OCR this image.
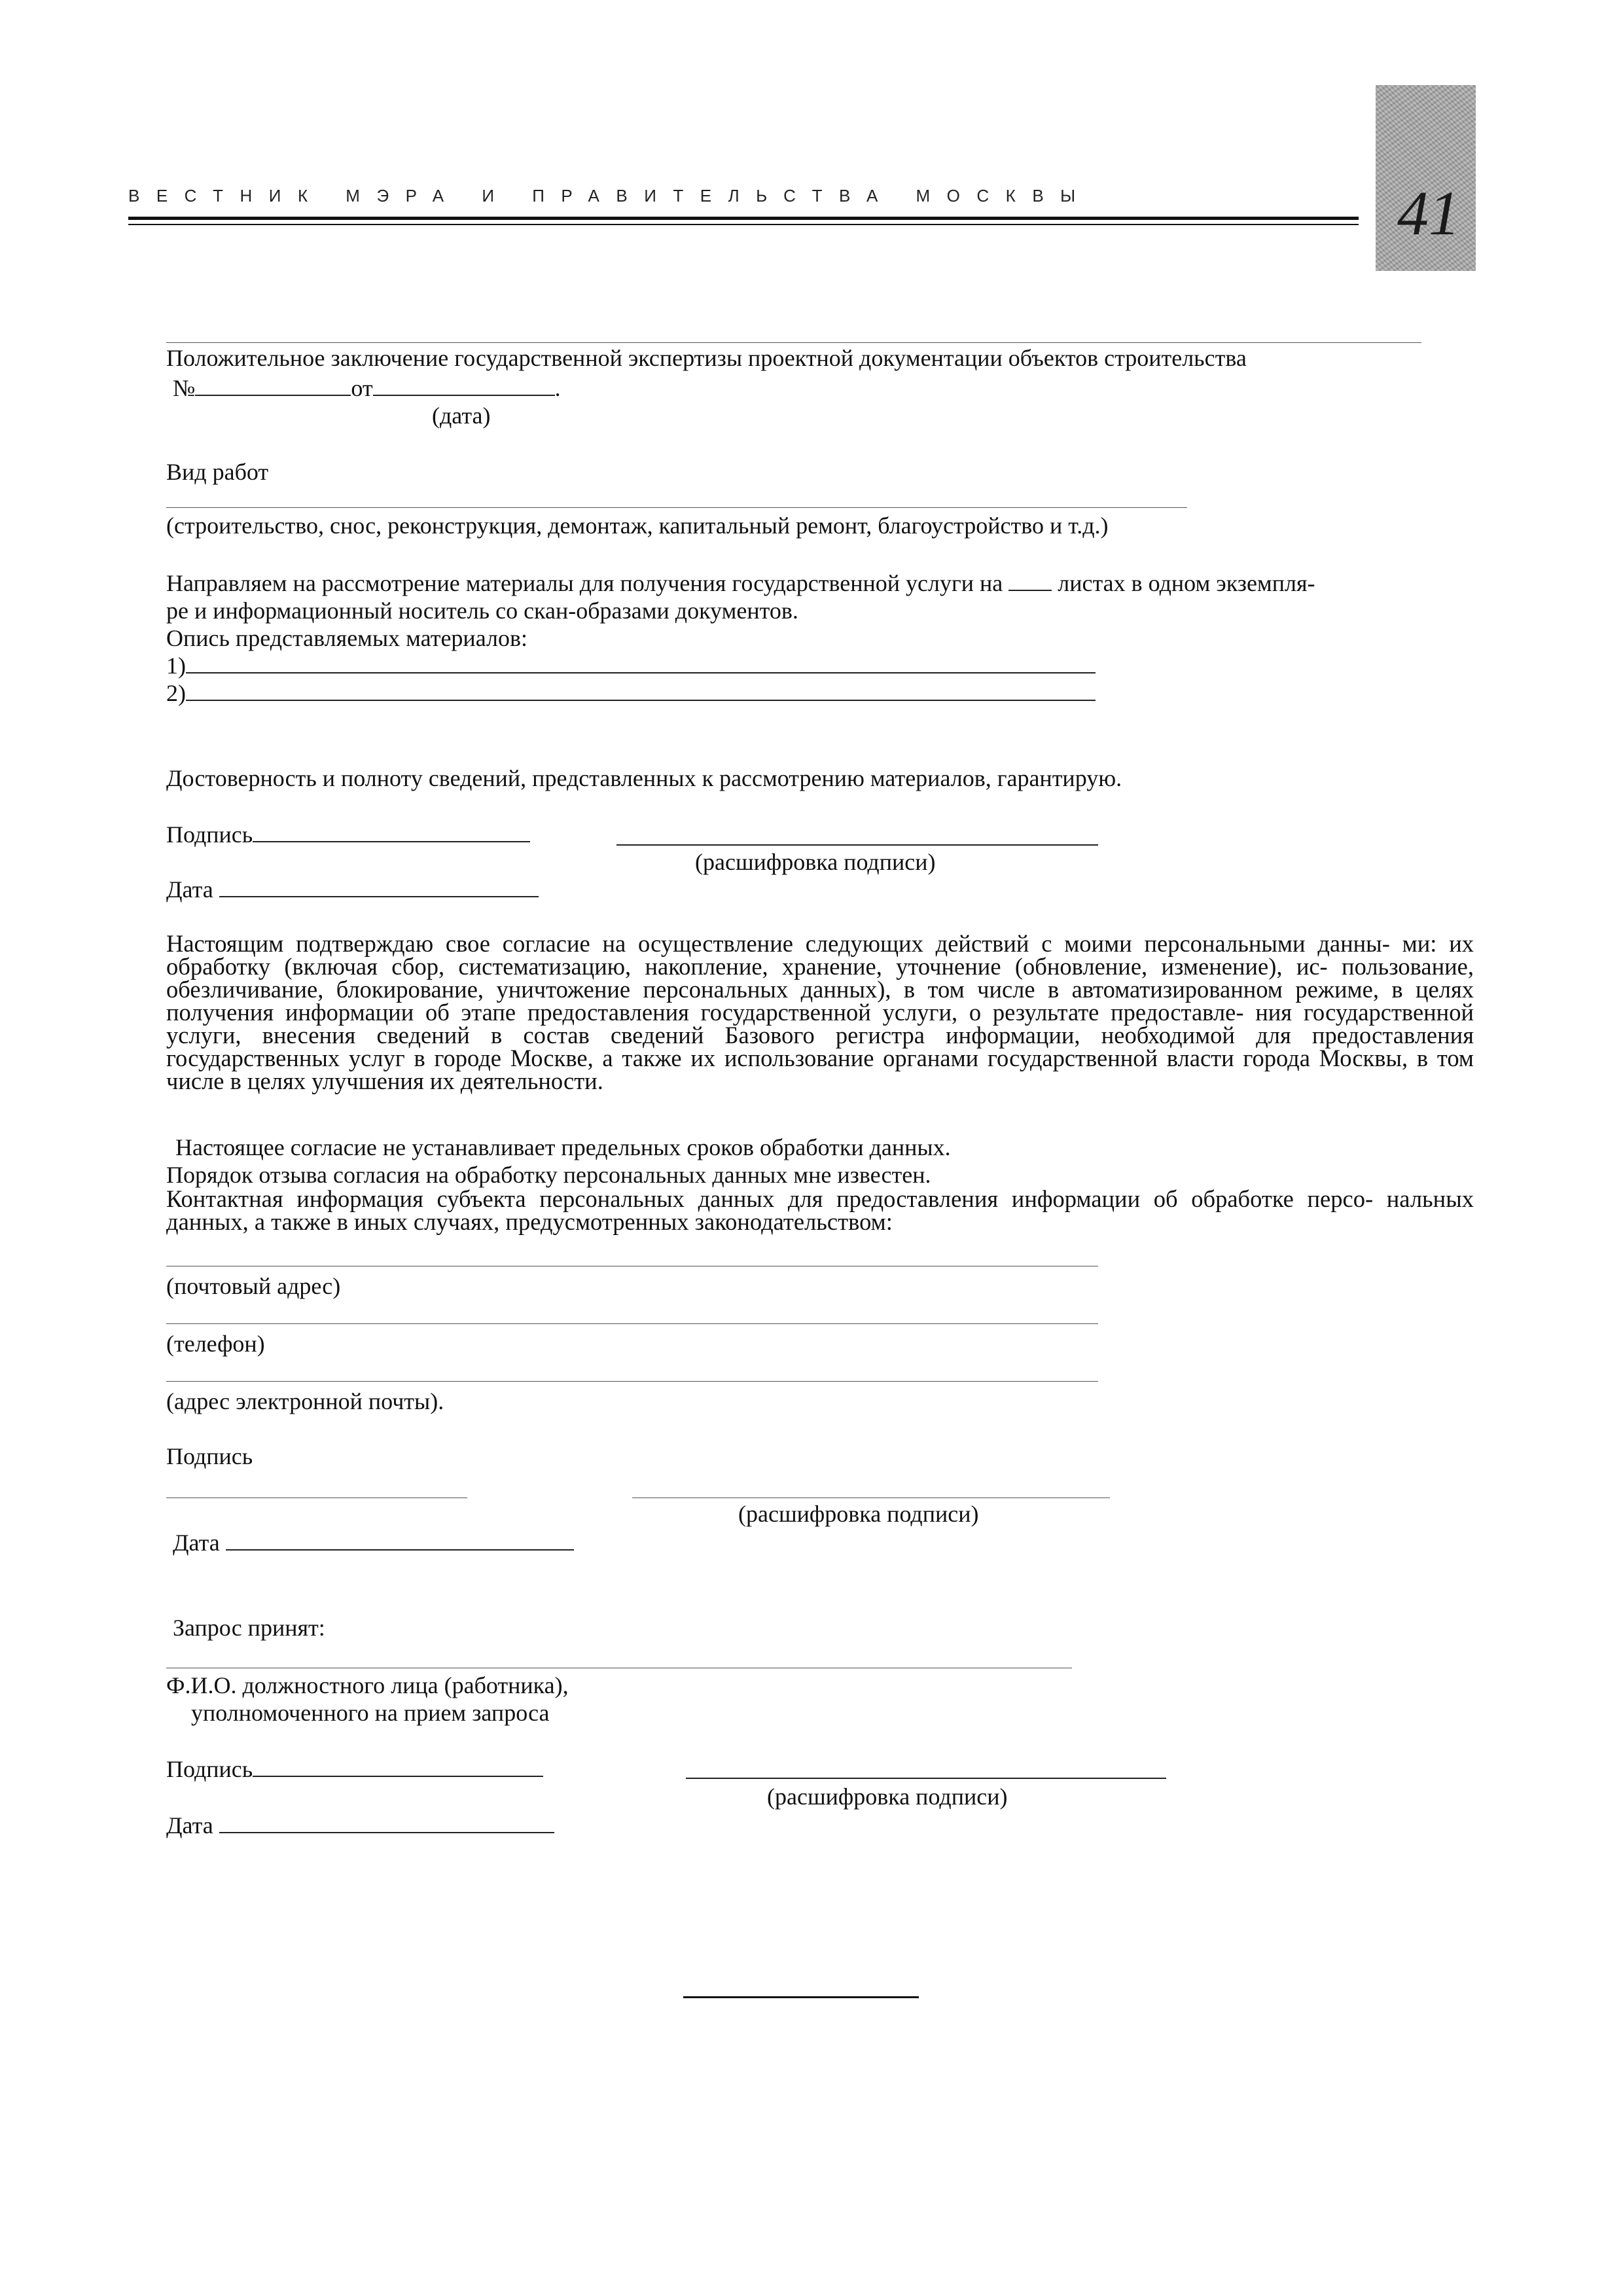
ВЕСТНИК МЭРА И ПРАВИТЕЛЬСТВА МОСКВЫ	41
Положительное заключение государственной экспертизы проектной документации объектов строительства
№	от	.
(дата)
Вид работ
(строительство, снос, реконструкция, демонтаж, капитальный ремонт, благоустройство и т.д.)
Направляем на рассмотрение материалы для получения государственной услуги на листах в одном экземпля-
ре и информационный носитель со скан-образами документов.
Опись представляемых материалов:
1)
2)
Достоверность и полноту сведений, представленных к рассмотрению материалов, гарантирую.
Подпись
(расшифровка подписи)
Дата
Настоящим подтверждаю свое согласие на осуществление следующих действий с моими персональными данны- ми: их обработку (включая сбор, систематизацию, накопление, хранение, уточнение (обновление, изменение), ис- пользование, обезличивание, блокирование, уничтожение персональных данных), в том числе в автоматизированном режиме, в целях получения информации об этапе предоставления государственной услуги, о результате предоставле- ния государственной услуги, внесения сведений в состав сведений Базового регистра информации, необходимой для предоставления государственных услуг в городе Москве, а также их использование органами государственной власти города Москвы, в том числе в целях улучшения их деятельности.
Настоящее согласие не устанавливает предельных сроков обработки данных.
Порядок отзыва согласия на обработку персональных данных мне известен.
Контактная информация субъекта персональных данных для предоставления информации об обработке персо- нальных данных, а также в иных случаях, предусмотренных законодательством:
(почтовый адрес)
(телефон)
(адрес электронной почты).
Подпись
(расшифровка подписи)
Дата
Запрос принят:
Ф.И.О. должностного лица (работника),
уполномоченного на прием запроса
Подпись
(расшифровка подписи)
Дата
